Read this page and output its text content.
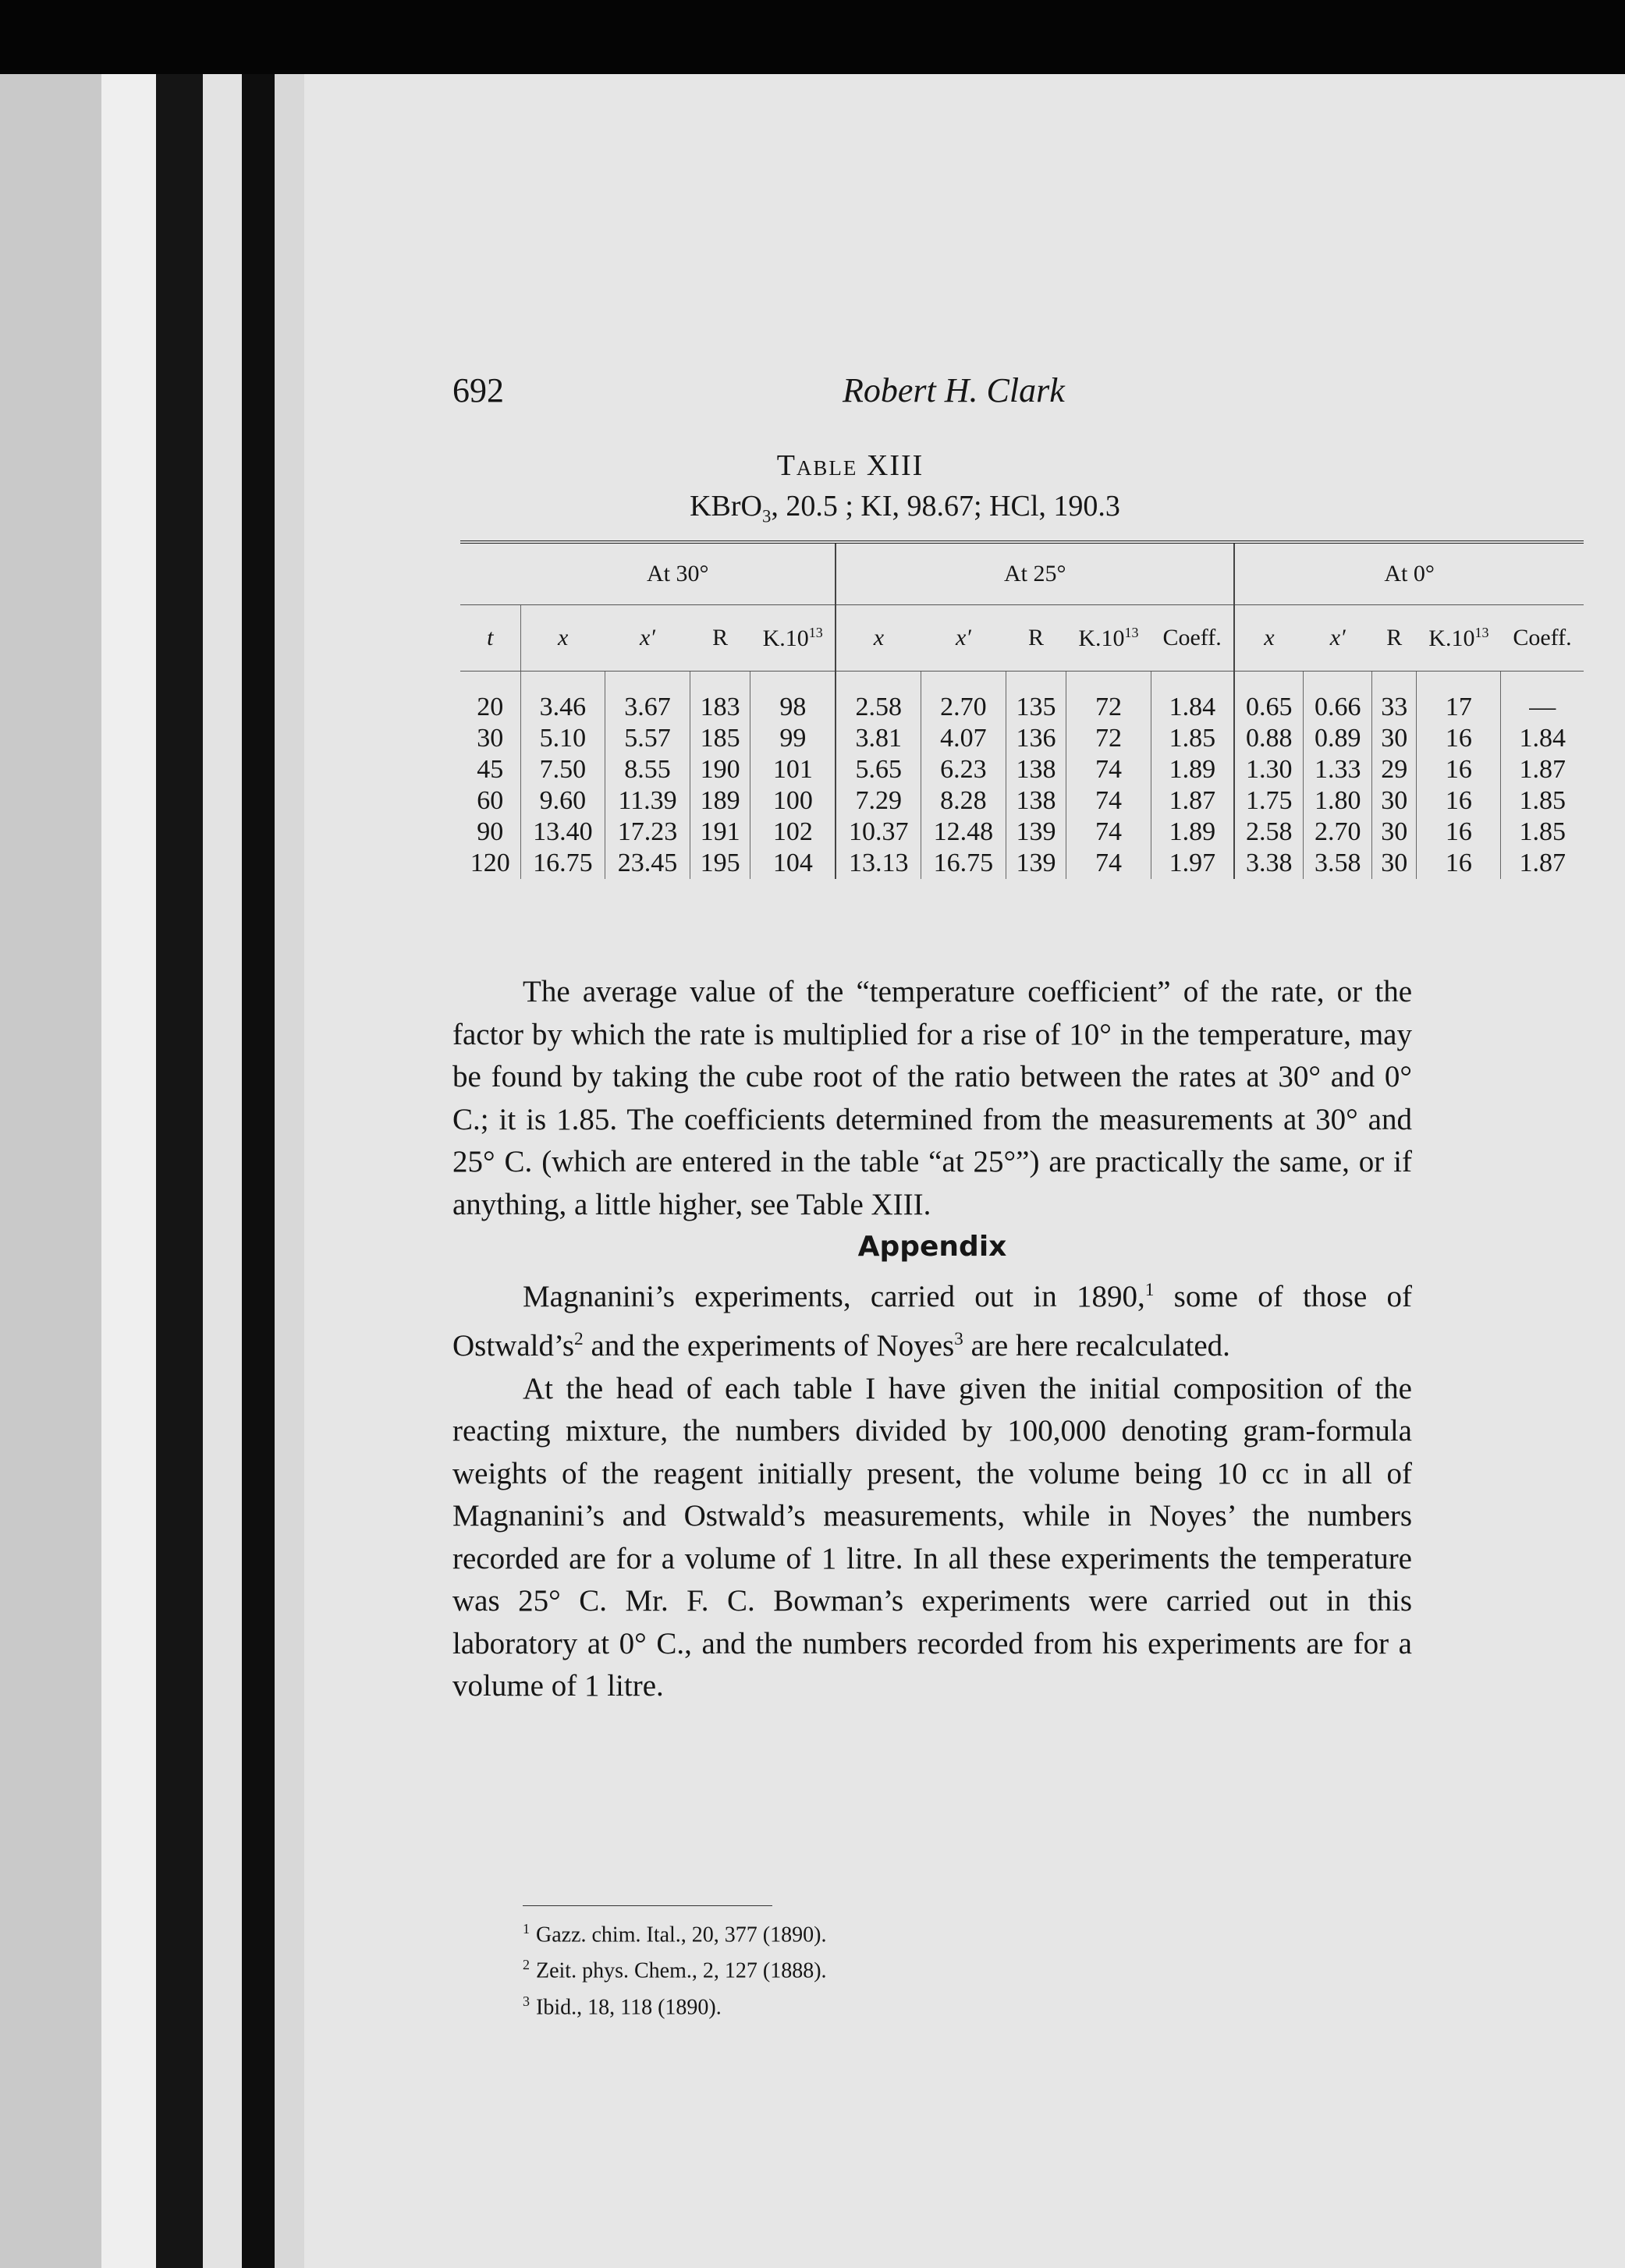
692	Robert H. Clark
Table XIII
KBrO$_3$, 20.5 ; KI, 98.67; HCl, 190.3
	At 30°				At 25°					At 0°				
t	x	x′	R	$K.10^{13}$	x	x′	R	$K.10^{13}$	Coeff.	x	x′	R	$K.10^{13}$	Coeff.
20	3.46	3.67	183	98	2.58	2.70	135	72	1.84	0.65	0.66	33	17	—
30	5.10	5.57	185	99	3.81	4.07	136	72	1.85	0.88	0.89	30	16	1.84
45	7.50	8.55	190	101	5.65	6.23	138	74	1.89	1.30	1.33	29	16	1.87
60	9.60	11.39	189	100	7.29	8.28	138	74	1.87	1.75	1.80	30	16	1.85
90	13.40	17.23	191	102	10.37	12.48	139	74	1.89	2.58	2.70	30	16	1.85
120	16.75	23.45	195	104	13.13	16.75	139	74	1.97	3.38	3.58	30	16	1.87

The average value of the “temperature coefficient” of the rate, or the factor by which the rate is multiplied for a rise of 10° in the temperature, may be found by taking the cube root of the ratio between the rates at 30° and 0° C.; it is 1.85. The coefficients determined from the measurements at 30° and 25° C. (which are entered in the table “at 25°”) are practically the same, or if anything, a little higher, see Table XIII.

Appendix

Magnanini’s experiments, carried out in 1890,$^1$ some of those of $Ostwald’s^2$ and the experiments of Noyes$^3$ are here recalculated.

At the head of each table I have given the initial composition of the reacting mixture, the numbers divided by 100,000 denoting gram-formula weights of the reagent initially present, the volume being 10 cc in all of Magnanini’s and Ostwald’s measurements, while in Noyes’ the numbers recorded are for a volume of 1 litre. In all these experiments the temperature was 25° C. Mr. F. C. Bowman’s experiments were carried out in this laboratory at 0° C., and the numbers recorded from his experiments are for a volume of 1 litre.

$^1$ Gazz. chim. Ital., 20, 377 (1890).
$^2$ Zeit. phys. Chem., 2, 127 (1888).
$^3$ Ibid., 18, 118 (1890).
